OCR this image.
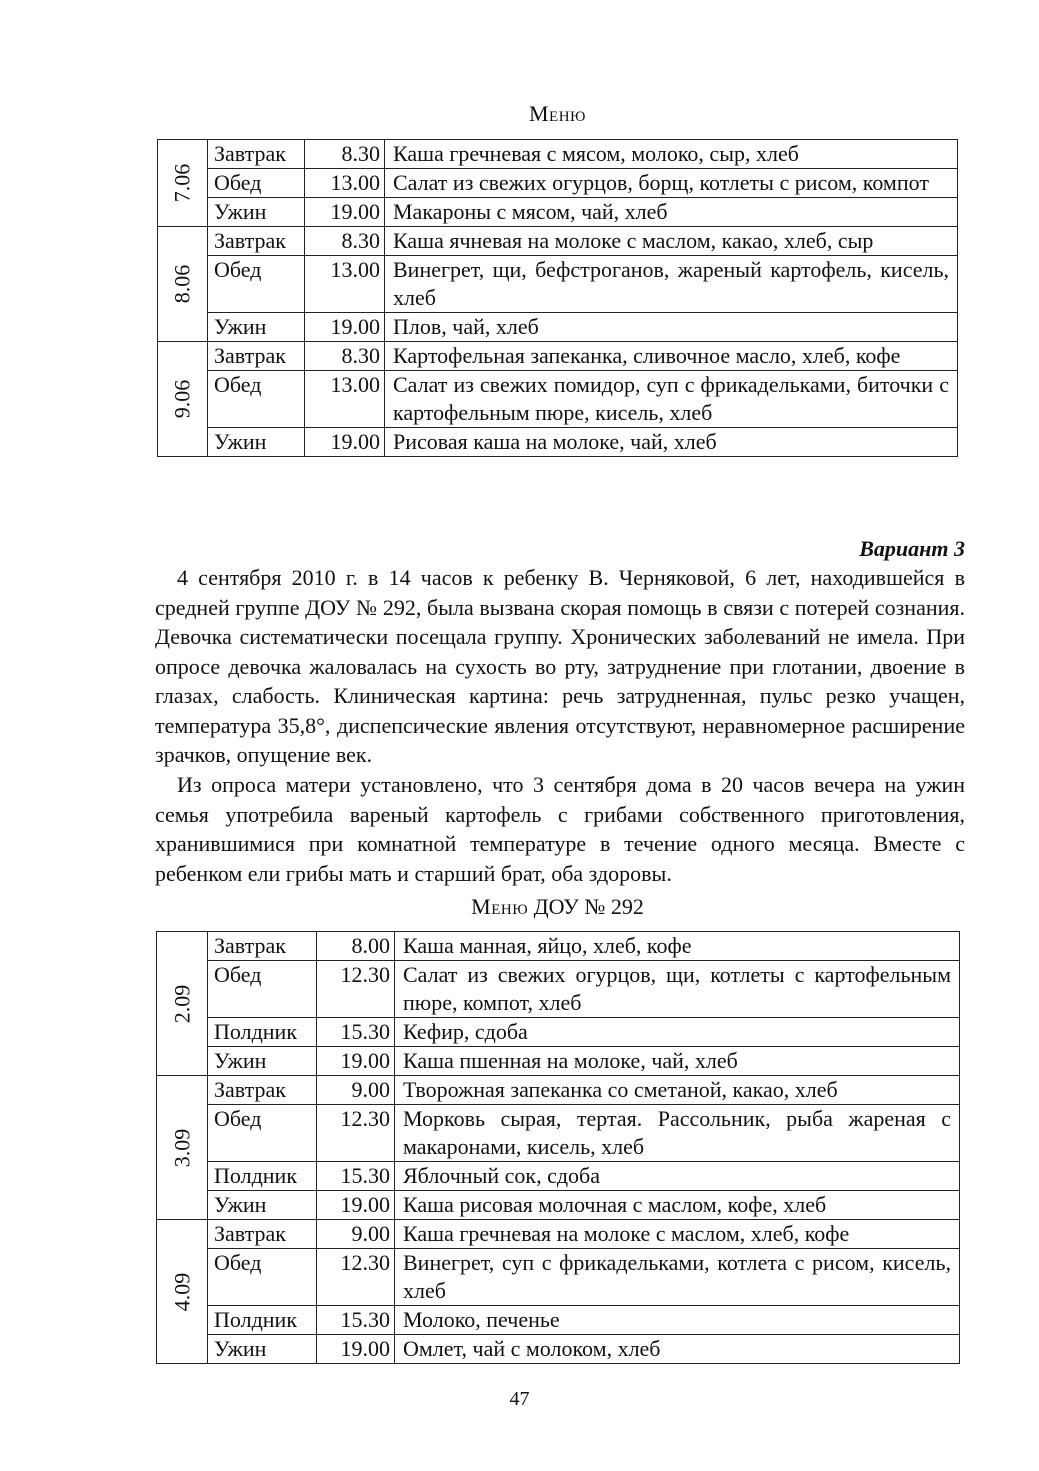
Меню
7.06	Завтрак	8.30	Каша гречневая с мясом, молоко, сыр, хлеб
	Обед	13.00	Салат из свежих огурцов, борщ, котлеты с рисом, компот
	Ужин	19.00	Макароны с мясом, чай, хлеб
8.06	Завтрак	8.30	Каша ячневая на молоке с маслом, какао, хлеб, сыр
	Обед	13.00	Винегрет, щи, бефстроганов, жареный картофель, кисель, хлеб
	Ужин	19.00	Плов, чай, хлеб
9.06	Завтрак	8.30	Картофельная запеканка, сливочное масло, хлеб, кофе
	Обед	13.00	Салат из свежих помидор, суп с фрикадельками, биточки с картофельным пюре, кисель, хлеб
	Ужин	19.00	Рисовая каша на молоке, чай, хлеб
Вариант 3

4 сентября 2010 г. в 14 часов к ребенку В. Черняковой, 6 лет, находившейся в средней группе ДОУ № 292, была вызвана скорая помощь в связи с потерей сознания. Девочка систематически посещала группу. Хронических заболеваний не имела. При опросе девочка жаловалась на сухость во рту, затруднение при глотании, двоение в глазах, слабость. Клиническая картина: речь затрудненная, пульс резко учащен, температура 35,8°, диспепсические явления отсутствуют, неравномерное расширение зрачков, опущение век.

Из опроса матери установлено, что 3 сентября дома в 20 часов вечера на ужин семья употребила вареный картофель с грибами собственного приготовления, хранившимися при комнатной температуре в течение одного месяца. Вместе с ребенком ели грибы мать и старший брат, оба здоровы.

Меню ДОУ № 292
2.09	Завтрак	8.00	Каша манная, яйцо, хлеб, кофе
	Обед	12.30	Салат из свежих огурцов, щи, котлеты с картофельным пюре, компот, хлеб
	Полдник	15.30	Кефир, сдоба
	Ужин	19.00	Каша пшенная на молоке, чай, хлеб
3.09	Завтрак	9.00	Творожная запеканка со сметаной, какао, хлеб
	Обед	12.30	Морковь сырая, тертая. Рассольник, рыба жареная с макаронами, кисель, хлеб
	Полдник	15.30	Яблочный сок, сдоба
	Ужин	19.00	Каша рисовая молочная с маслом, кофе, хлеб
4.09	Завтрак	9.00	Каша гречневая на молоке с маслом, хлеб, кофе
	Обед	12.30	Винегрет, суп с фрикадельками, котлета с рисом, кисель, хлеб
	Полдник	15.30	Молоко, печенье
	Ужин	19.00	Омлет, чай с молоком, хлеб
47
